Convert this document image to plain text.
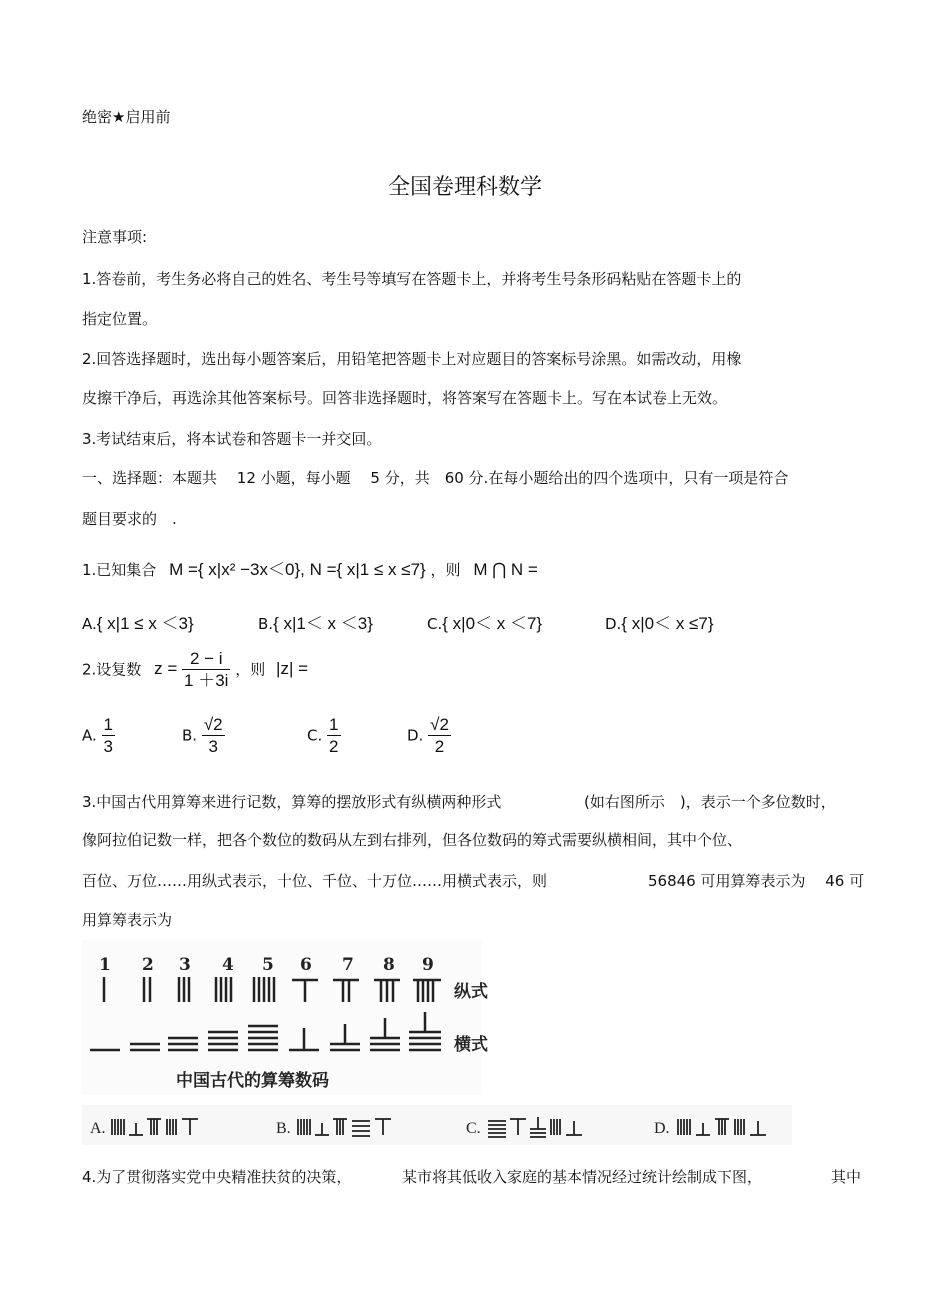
绝密★启用前
全国卷理科数学
注意事项:
1.答卷前，考生务必将自己的姓名、考生号等填写在答题卡上，并将考生号条形码粘贴在答题卡上的
指定位置。
2.回答选择题时，选出每小题答案后，用铅笔把答题卡上对应题目的答案标号涂黑。如需改动，用橡
皮擦干净后，再选涂其他答案标号。回答非选择题时，将答案写在答题卡上。写在本试卷上无效。
3.考试结束后，将本试卷和答题卡一并交回。
一、选择题：本题共　 12 小题，每小题　 5 分，共　60 分.在每小题给出的四个选项中，只有一项是符合
题目要求的　.
1.已知集合 M ={ x|x² −3x＜0}, N ={ x|1 ≤ x ≤7} ，则 M ⋂ N =
A.{ x|1 ≤ x ＜3}	B.{ x|1＜ x ＜3}	C.{ x|0＜ x ＜7}	D.{ x|0＜ x ≤7}
2.设复数 $z = \frac{2 - i}{1 +3i}$ ，则 |z| =
A. $\frac{1}{3}$	B. $\frac{√2}{3}$	C. $\frac{1}{2}$	D. $\frac{√2}{2}$
3.中国古代用算筹来进行记数，算筹的摆放形式有纵横两种形式	(如右图所示　)，表示一个多位数时，
像阿拉伯记数一样，把各个数位的数码从左到右排列，但各位数码的筹式需要纵横相间，其中个位、
百位、万位……用纵式表示，十位、千位、十万位……用横式表示，则	56846 可用算筹表示为　 46 可
用算筹表示为
1 2 3 4 5 6 7 8 9
纵式
横式
中国古代的算筹数码
A.	B.	C.	D.
4.为了贯彻落实党中央精准扶贫的决策，	某市将其低收入家庭的基本情况经过统计绘制成下图，	其中
